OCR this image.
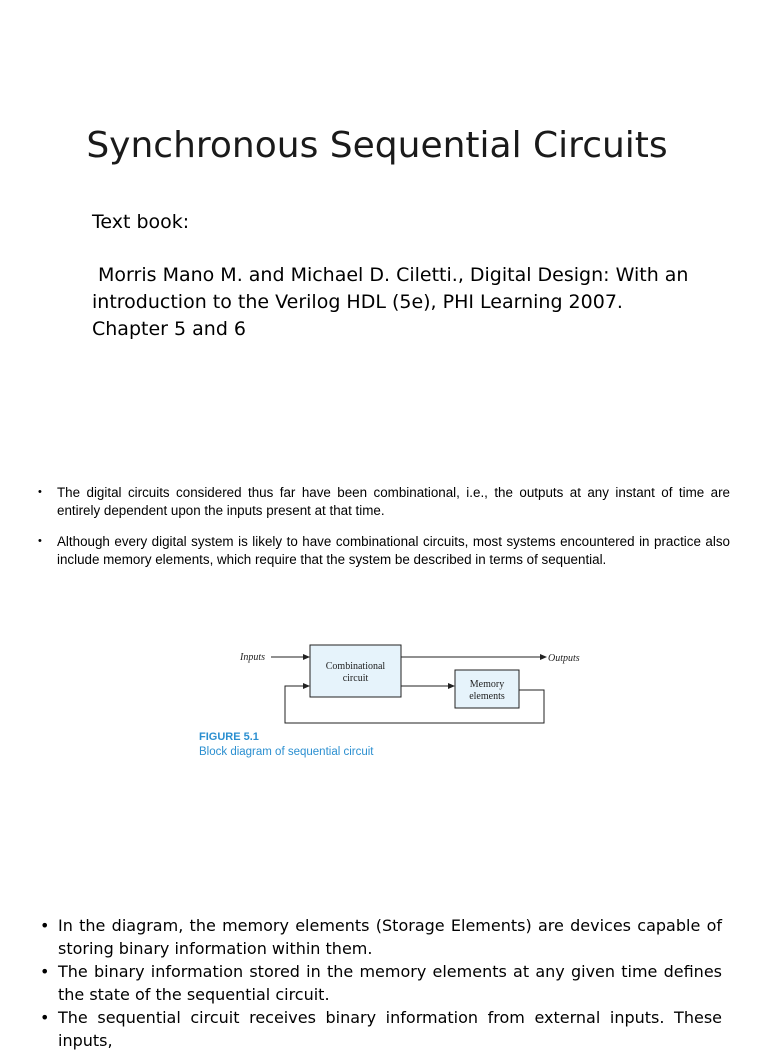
Synchronous Sequential Circuits
Text book:
Morris Mano M. and Michael D. Ciletti., Digital Design: With an
introduction to the Verilog HDL (5e), PHI Learning 2007.
Chapter 5 and 6
• The digital circuits considered thus far have been combinational, i.e., the outputs at any instant of time are entirely dependent upon the inputs present at that time.
• Although every digital system is likely to have combinational circuits, most systems encountered in practice also include memory elements, which require that the system be described in terms of sequential.
Inputs
Combinational
circuit
Outputs
Memory
elements
FIGURE 5.1
Block diagram of sequential circuit
• In the diagram, the memory elements (Storage Elements) are devices capable of storing binary information within them.
• The binary information stored in the memory elements at any given time defines the state of the sequential circuit.
• The sequential circuit receives binary information from external inputs. These inputs,
